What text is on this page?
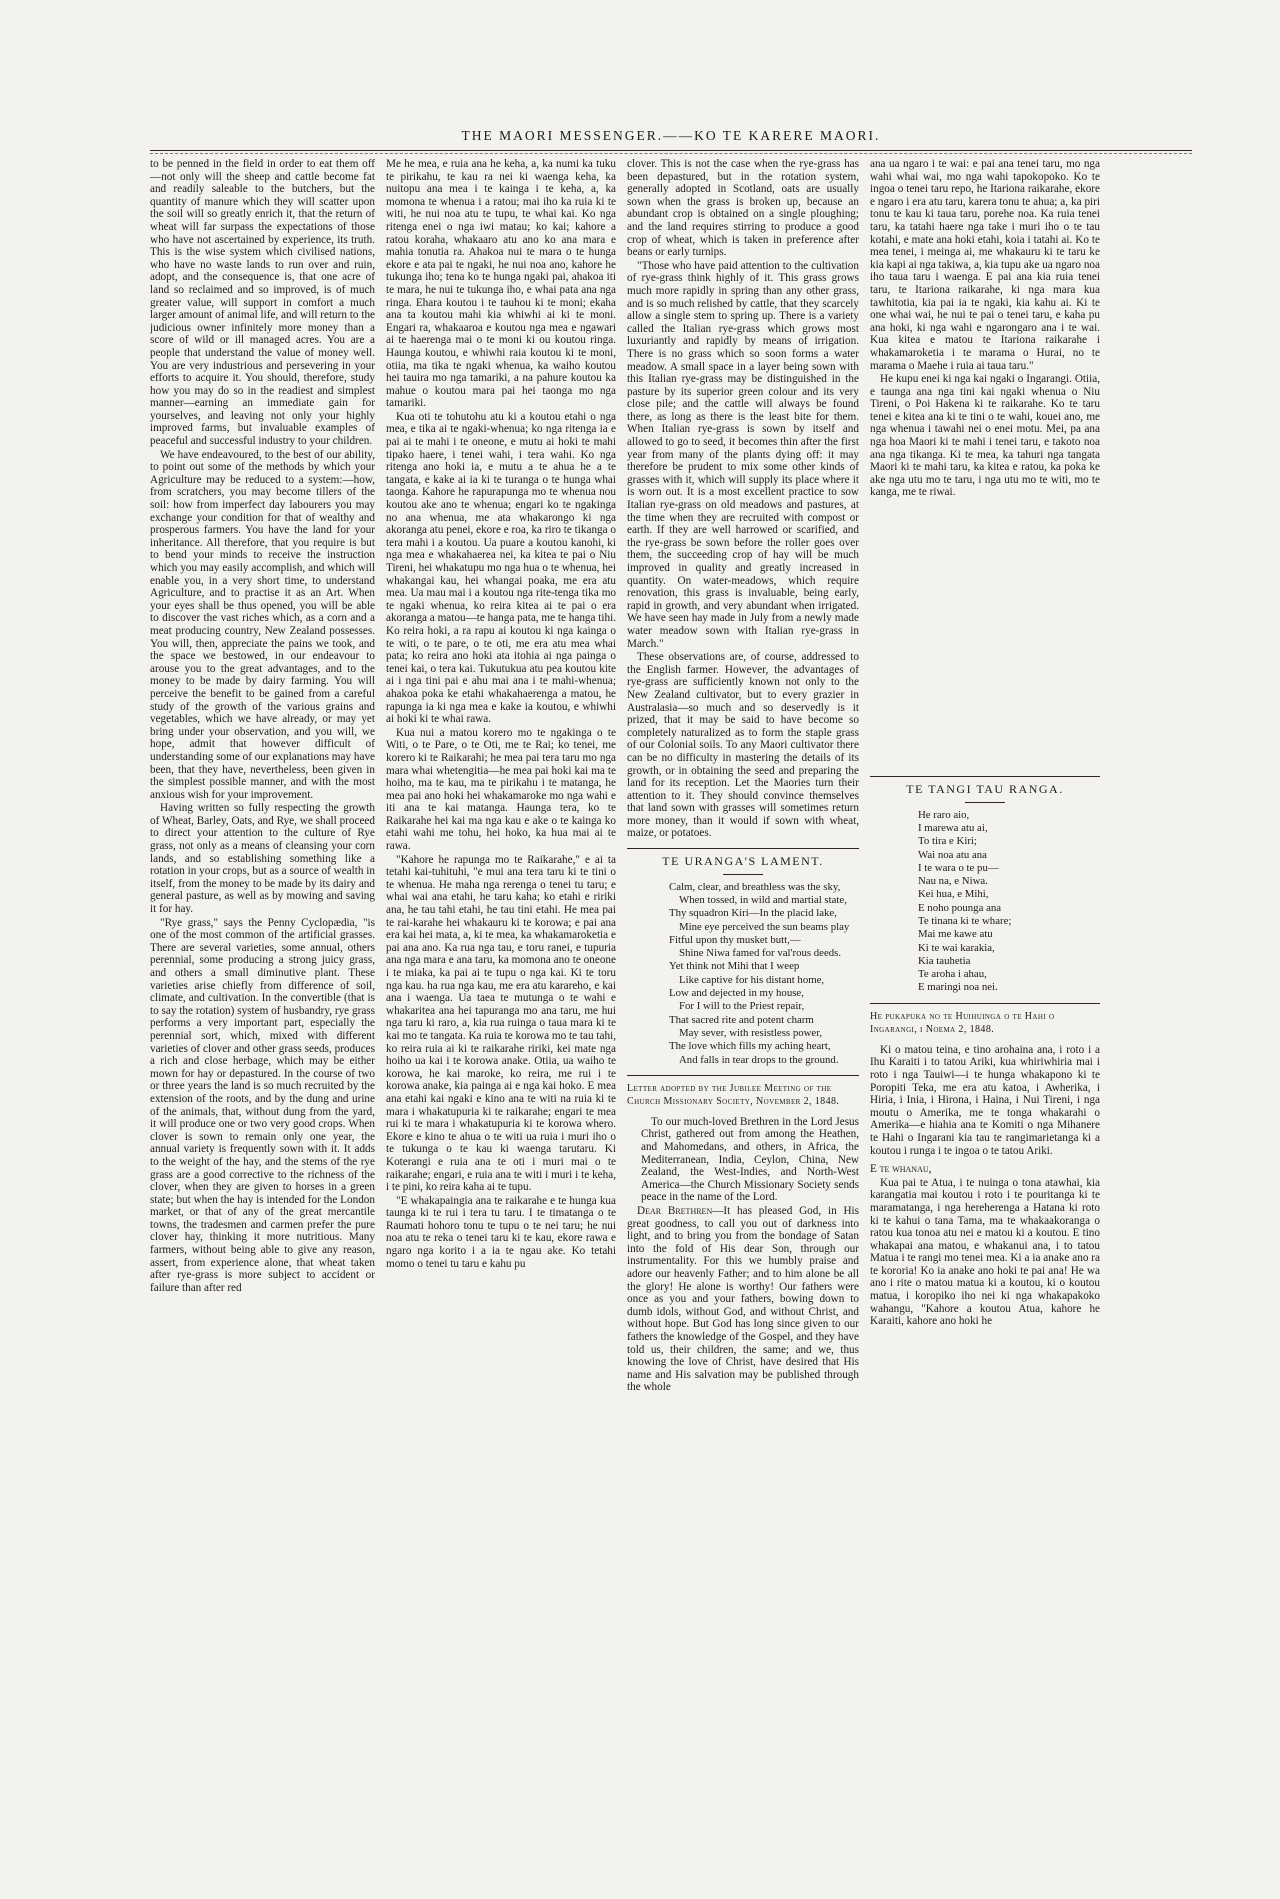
THE MAORI MESSENGER.——KO TE KARERE MAORI.

to be penned in the field in order to eat them off—not only will the sheep and cattle become fat and readily saleable to the butchers, but the quantity of manure which they will scatter upon the soil will so greatly enrich it, that the return of wheat will far surpass the expectations of those who have not ascertained by experience, its truth. This is the wise system which civilised nations, who have no waste lands to run over and ruin, adopt, and the consequence is, that one acre of land so reclaimed and so improved, is of much greater value, will support in comfort a much larger amount of animal life, and will return to the judicious owner infinitely more money than a score of wild or ill managed acres. You are a people that understand the value of money well. You are very industrious and persevering in your efforts to acquire it. You should, therefore, study how you may do so in the readiest and simplest manner—earning an immediate gain for yourselves, and leaving not only your highly improved farms, but invaluable examples of peaceful and successful industry to your children.

We have endeavoured, to the best of our ability, to point out some of the methods by which your Agriculture may be reduced to a system:—how, from scratchers, you may become tillers of the soil: how from imperfect day labourers you may exchange your condition for that of wealthy and prosperous farmers. You have the land for your inheritance. All therefore, that you require is but to bend your minds to receive the instruction which you may easily accomplish, and which will enable you, in a very short time, to understand Agriculture, and to practise it as an Art. When your eyes shall be thus opened, you will be able to discover the vast riches which, as a corn and a meat producing country, New Zealand possesses. You will, then, appreciate the pains we took, and the space we bestowed, in our endeavour to arouse you to the great advantages, and to the money to be made by dairy farming. You will perceive the benefit to be gained from a careful study of the growth of the various grains and vegetables, which we have already, or may yet bring under your observation, and you will, we hope, admit that however difficult of understanding some of our explanations may have been, that they have, nevertheless, been given in the simplest possible manner, and with the most anxious wish for your improvement.

Having written so fully respecting the growth of Wheat, Barley, Oats, and Rye, we shall proceed to direct your attention to the culture of Rye grass, not only as a means of cleansing your corn lands, and so establishing something like a rotation in your crops, but as a source of wealth in itself, from the money to be made by its dairy and general pasture, as well as by mowing and saving it for hay.

"Rye grass," says the Penny Cyclopædia, "is one of the most common of the artificial grasses. There are several varieties, some annual, others perennial, some producing a strong juicy grass, and others a small diminutive plant. These varieties arise chiefly from difference of soil, climate, and cultivation. In the convertible (that is to say the rotation) system of husbandry, rye grass performs a very important part, especially the perennial sort, which, mixed with different varieties of clover and other grass seeds, produces a rich and close herbage, which may be either mown for hay or depastured. In the course of two or three years the land is so much recruited by the extension of the roots, and by the dung and urine of the animals, that, without dung from the yard, it will produce one or two very good crops. When clover is sown to remain only one year, the annual variety is frequently sown with it. It adds to the weight of the hay, and the stems of the rye grass are a good corrective to the richness of the clover, when they are given to horses in a green state; but when the hay is intended for the London market, or that of any of the great mercantile towns, the tradesmen and carmen prefer the pure clover hay, thinking it more nutritious. Many farmers, without being able to give any reason, assert, from experience alone, that wheat taken after rye-grass is more subject to accident or failure than after red

Me he mea, e ruia ana he keha, a, ka numi ka tuku te pirikahu, te kau ra nei ki waenga keha, ka nuitopu ana mea i te kainga i te keha, a, ka momona te whenua i a ratou; mai iho ka ruia ki te witi, he nui noa atu te tupu, te whai kai. Ko nga ritenga enei o nga iwi matau; ko kai; kahore a ratou koraha, whakaaro atu ano ko ana mara e mahia tonutia ra. Ahakoa nui te mara o te hunga ekore e ata pai te ngaki, he nui noa ano, kahore he tukunga iho; tena ko te hunga ngaki pai, ahakoa iti te mara, he nui te tukunga iho, e whai pata ana nga ringa. Ehara koutou i te tauhou ki te moni; ekaha ana ta koutou mahi kia whiwhi ai ki te moni. Engari ra, whakaaroa e koutou nga mea e ngawari ai te haerenga mai o te moni ki ou koutou ringa. Haunga koutou, e whiwhi raia koutou ki te moni, otiia, ma tika te ngaki whenua, ka waiho koutou hei tauira mo nga tamariki, a na pahure koutou ka mahue o koutou mara pai hei taonga mo nga tamariki.

Kua oti te tohutohu atu ki a koutou etahi o nga mea, e tika ai te ngaki-whenua; ko nga ritenga ia e pai ai te mahi i te oneone, e mutu ai hoki te mahi tipako haere, i tenei wahi, i tera wahi. Ko nga ritenga ano hoki ia, e mutu a te ahua he a te tangata, e kake ai ia ki te turanga o te hunga whai taonga. Kahore he rapurapunga mo te whenua nou koutou ake ano te whenua; engari ko te ngakinga no ana whenua, me ata whakarongo ki nga akoranga atu penei, ekore e roa, ka riro te tikanga o tera mahi i a koutou. Ua puare a koutou kanohi, ki nga mea e whakahaerea nei, ka kitea te pai o Niu Tireni, hei whakatupu mo nga hua o te whenua, hei whakangai kau, hei whangai poaka, me era atu mea. Ua mau mai i a koutou nga rite-tenga tika mo te ngaki whenua, ko reira kitea ai te pai o era akoranga a matou—te hanga pata, me te hanga tihi. Ko reira hoki, a ra rapu ai koutou ki nga kainga o te witi, o te pare, o te oti, me era atu mea whai pata; ko reira ano hoki ata itohia ai nga painga o tenei kai, o tera kai. Tukutukua atu pea koutou kite ai i nga tini pai e ahu mai ana i te mahi-whenua; ahakoa poka ke etahi whakahaerenga a matou, he rapunga ia ki nga mea e kake ia koutou, e whiwhi ai hoki ki te whai rawa.

Kua nui a matou korero mo te ngakinga o te Witi, o te Pare, o te Oti, me te Rai; ko tenei, me korero ki te Raikarahi; he mea pai tera taru mo nga mara whai whetengitia—he mea pai hoki kai ma te hoiho, ma te kau, ma te pirikahu i te matanga, he mea pai ano hoki hei whakamaroke mo nga wahi e iti ana te kai matanga. Haunga tera, ko te Raikarahe hei kai ma nga kau e ake o te kainga ko etahi wahi me tohu, hei hoko, ka hua mai ai te rawa.

"Kahore he rapunga mo te Raikarahe," e ai ta tetahi kai-tuhituhi, "e mui ana tera taru ki te tini o te whenua. He maha nga rerenga o tenei tu taru; e whai wai ana etahi, he taru kaha; ko etahi e ririki ana, he tau tahi etahi, he tau tini etahi. He mea pai te rai-karahe hei whakauru ki te korowa; e pai ana era kai hei mata, a, ki te mea, ka whakamaroketia e pai ana ano. Ka rua nga tau, e toru ranei, e tupuria ana nga mara e ana taru, ka momona ano te oneone i te miaka, ka pai ai te tupu o nga kai. Ki te toru nga kau. ha rua nga kau, me era atu karareho, e kai ana i waenga. Ua taea te mutunga o te wahi e whakaritea ana hei tapuranga mo ana taru, me hui nga taru ki raro, a, kia rua ruinga o taua mara ki te kai mo te tangata. Ka ruia te korowa mo te tau tahi, ko reira ruia ai ki te raikarahe ririki, kei mate nga hoiho ua kai i te korowa anake. Otiia, ua waiho te korowa, he kai maroke, ko reira, me rui i te korowa anake, kia painga ai e nga kai hoko. E mea ana etahi kai ngaki e kino ana te witi na ruia ki te mara i whakatupuria ki te raikarahe; engari te mea rui ki te mara i whakatupuria ki te korowa whero. Ekore e kino te ahua o te witi ua ruia i muri iho o te tukunga o te kau ki waenga tarutaru. Ki Koterangi e ruia ana te oti i muri mai o te raikarahe; engari, e ruia ana te witi i muri i te keha, i te pini, ko reira kaha ai te tupu.

"E whakapaingia ana te raikarahe e te hunga kua taunga ki te rui i tera tu taru. I te timatanga o te Raumati hohoro tonu te tupu o te nei taru; he nui noa atu te reka o tenei taru ki te kau, ekore rawa e ngaro nga korito i a ia te ngau ake. Ko tetahi momo o tenei tu taru e kahu pu

clover. This is not the case when the rye-grass has been depastured, but in the rotation system, generally adopted in Scotland, oats are usually sown when the grass is broken up, because an abundant crop is obtained on a single ploughing; and the land requires stirring to produce a good crop of wheat, which is taken in preference after beans or early turnips.

"Those who have paid attention to the cultivation of rye-grass think highly of it. This grass grows much more rapidly in spring than any other grass, and is so much relished by cattle, that they scarcely allow a single stem to spring up. There is a variety called the Italian rye-grass which grows most luxuriantly and rapidly by means of irrigation. There is no grass which so soon forms a water meadow. A small space in a layer being sown with this Italian rye-grass may be distinguished in the pasture by its superior green colour and its very close pile; and the cattle will always be found there, as long as there is the least bite for them. When Italian rye-grass is sown by itself and allowed to go to seed, it becomes thin after the first year from many of the plants dying off: it may therefore be prudent to mix some other kinds of grasses with it, which will supply its place where it is worn out. It is a most excellent practice to sow Italian rye-grass on old meadows and pastures, at the time when they are recruited with compost or earth. If they are well harrowed or scarified, and the rye-grass be sown before the roller goes over them, the succeeding crop of hay will be much improved in quality and greatly increased in quantity. On water-meadows, which require renovation, this grass is invaluable, being early, rapid in growth, and very abundant when irrigated. We have seen hay made in July from a newly made water meadow sown with Italian rye-grass in March."

These observations are, of course, addressed to the English farmer. However, the advantages of rye-grass are sufficiently known not only to the New Zealand cultivator, but to every grazier in Australasia—so much and so deservedly is it prized, that it may be said to have become so completely naturalized as to form the staple grass of our Colonial soils. To any Maori cultivator there can be no difficulty in mastering the details of its growth, or in obtaining the seed and preparing the land for its reception. Let the Maories turn their attention to it. They should convince themselves that land sown with grasses will sometimes return more money, than it would if sown with wheat, maize, or potatoes.

TE URANGA'S LAMENT.
Calm, clear, and breathless was the sky,
When tossed, in wild and martial state,
Thy squadron Kiri—In the placid lake,
Mine eye perceived the sun beams play
Fitful upon thy musket butt,—
Shine Niwa famed for val'rous deeds.
Yet think not Mihi that I weep
Like captive for his distant home,
Low and dejected in my house,
For I will to the Priest repair,
That sacred rite and potent charm
May sever, with resistless power,
The love which fills my aching heart,
And falls in tear drops to the ground.
Letter adopted by the Jubilee Meeting of the Church Missionary Society, November 2, 1848.

To our much-loved Brethren in the Lord Jesus Christ, gathered out from among the Heathen, and Mahomedans, and others, in Africa, the Mediterranean, India, Ceylon, China, New Zealand, the West-Indies, and North-West America—the Church Missionary Society sends peace in the name of the Lord.

Dear Brethren—It has pleased God, in His great goodness, to call you out of darkness into light, and to bring you from the bondage of Satan into the fold of His dear Son, through our instrumentality. For this we humbly praise and adore our heavenly Father; and to him alone be all the glory! He alone is worthy! Our fathers were once as you and your fathers, bowing down to dumb idols, without God, and without Christ, and without hope. But God has long since given to our fathers the knowledge of the Gospel, and they have told us, their children, the same; and we, thus knowing the love of Christ, have desired that His name and His salvation may be published through the whole

ana ua ngaro i te wai: e pai ana tenei taru, mo nga wahi whai wai, mo nga wahi tapokopoko. Ko te ingoa o tenei taru repo, he Itariona raikarahe, ekore e ngaro i era atu taru, karera tonu te ahua; a, ka piri tonu te kau ki taua taru, porehe noa. Ka ruia tenei taru, ka tatahi haere nga take i muri iho o te tau kotahi, e mate ana hoki etahi, koia i tatahi ai. Ko te mea tenei, i meinga ai, me whakauru ki te taru ke kia kapi ai nga takiwa, a, kia tupu ake ua ngaro noa iho taua taru i waenga. E pai ana kia ruia tenei taru, te Itariona raikarahe, ki nga mara kua tawhitotia, kia pai ia te ngaki, kia kahu ai. Ki te one whai wai, he nui te pai o tenei taru, e kaha pu ana hoki, ki nga wahi e ngarongaro ana i te wai. Kua kitea e matou te Itariona raikarahe i whakamaroketia i te marama o Hurai, no te marama o Maehe i ruia ai taua taru."

He kupu enei ki nga kai ngaki o Ingarangi. Otiia, e taunga ana nga tini kai ngaki whenua o Niu Tireni, o Poi Hakena ki te raikarahe. Ko te taru tenei e kitea ana ki te tini o te wahi, kouei ano, me nga whenua i tawahi nei o enei motu. Mei, pa ana nga hoa Maori ki te mahi i tenei taru, e takoto noa ana nga tikanga. Ki te mea, ka tahuri nga tangata Maori ki te mahi taru, ka kitea e ratou, ka poka ke ake nga utu mo te taru, i nga utu mo te witi, mo te kanga, me te riwai.

TE TANGI TAU RANGA.
He raro aio,
I marewa atu ai,
To tira e Kiri;
Wai noa atu ana
I te wara o te pu—
Nau na, e Niwa.
Kei hua, e Mihi,
E noho pounga ana
Te tinana ki te whare;
Mai me kawe atu
Ki te wai karakia,
Kia tauhetia
Te aroha i ahau,
E maringi noa nei.
He pukapuka no te Huihuinga o te Hahi o Ingarangi, i Noema 2, 1848.

Ki o matou teina, e tino arohaina ana, i roto i a Ihu Karaiti i to tatou Ariki, kua whiriwhiria mai i roto i nga Tauiwi—i te hunga whakapono ki te Poropiti Teka, me era atu katoa, i Awherika, i Hiria, i Inia, i Hirona, i Haina, i Nui Tireni, i nga moutu o Amerika, me te tonga whakarahi o Amerika—e hiahia ana te Komiti o nga Mihanere te Hahi o Ingarani kia tau te rangimarietanga ki a koutou i runga i te ingoa o te tatou Ariki.

E te whanau,

Kua pai te Atua, i te nuinga o tona atawhai, kia karangatia mai koutou i roto i te pouritanga ki te maramatanga, i nga hereherenga a Hatana ki roto ki te kahui o tana Tama, ma te whakaakoranga o ratou kua tonoa atu nei e matou ki a koutou. E tino whakapai ana matou, e whakanui ana, i to tatou Matua i te rangi mo tenei mea. Ki a ia anake ano ra te kororia! Ko ia anake ano hoki te pai ana! He wa ano i rite o matou matua ki a koutou, ki o koutou matua, i koropiko iho nei ki nga whakapakoko wahangu, "Kahore a koutou Atua, kahore he Karaiti, kahore ano hoki he
